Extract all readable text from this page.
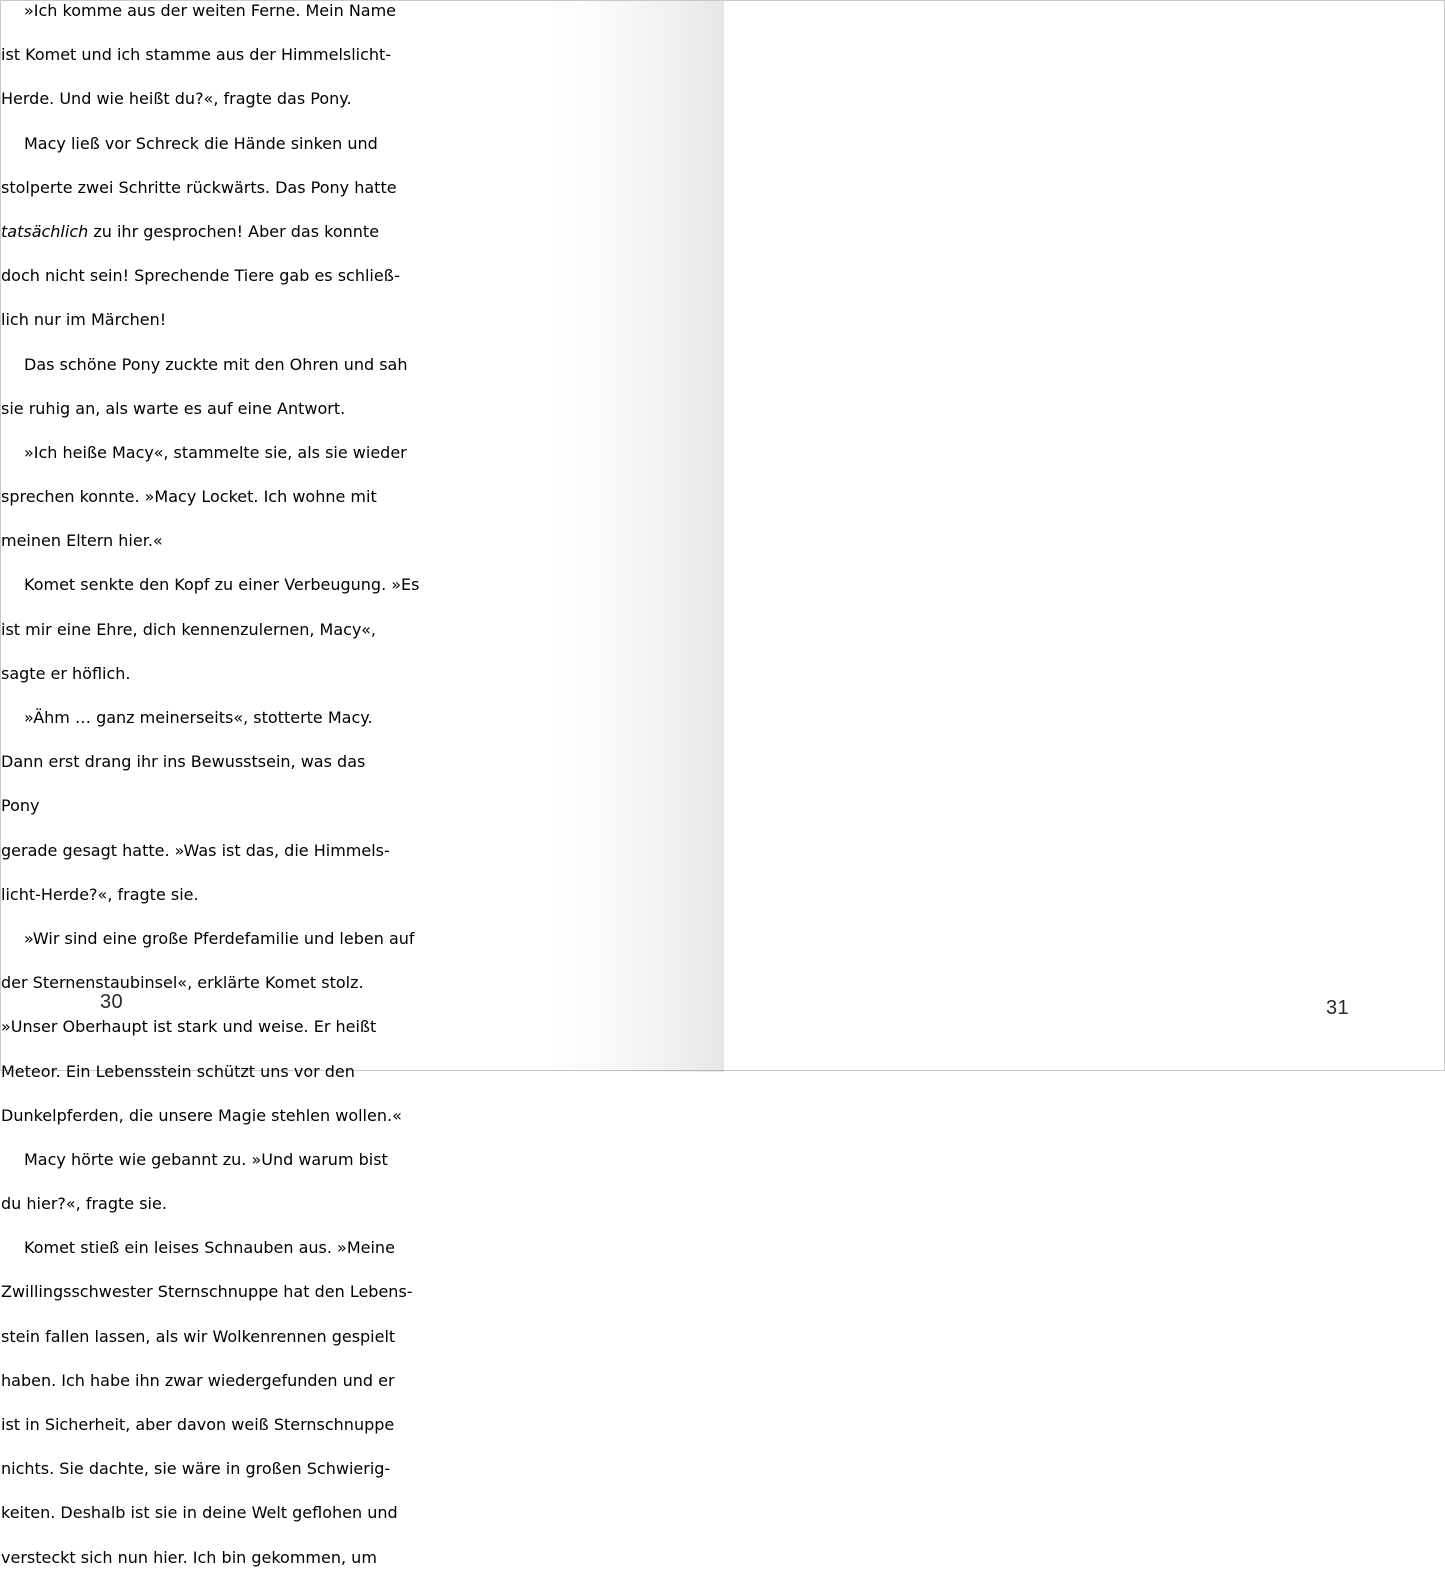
»Ich komme aus der weiten Ferne. Mein Name
ist Komet und ich stamme aus der Himmelslicht-
Herde. Und wie heißt du?«, fragte das Pony.
Macy ließ vor Schreck die Hände sinken und
stolperte zwei Schritte rückwärts. Das Pony hatte
tatsächlich zu ihr gesprochen! Aber das konnte
doch nicht sein! Sprechende Tiere gab es schließ-
lich nur im Märchen!
Das schöne Pony zuckte mit den Ohren und sah
sie ruhig an, als warte es auf eine Antwort.
»Ich heiße Macy«, stammelte sie, als sie wieder
sprechen konnte. »Macy Locket. Ich wohne mit
meinen Eltern hier.«
Komet senkte den Kopf zu einer Verbeugung. »Es
ist mir eine Ehre, dich kennenzulernen, Macy«,
sagte er höflich.
»Ähm … ganz meinerseits«, stotterte Macy.
Dann erst drang ihr ins Bewusstsein, was das
30
Pony
gerade gesagt hatte. »Was ist das, die Himmels-
licht-Herde?«, fragte sie.
»Wir sind eine große Pferdefamilie und leben auf
der Sternenstaubinsel«, erklärte Komet stolz.
»Unser Oberhaupt ist stark und weise. Er heißt
Meteor. Ein Lebensstein schützt uns vor den
Dunkelpferden, die unsere Magie stehlen wollen.«
Macy hörte wie gebannt zu. »Und warum bist
du hier?«, fragte sie.
Komet stieß ein leises Schnauben aus. »Meine
Zwillingsschwester Sternschnuppe hat den Lebens-
stein fallen lassen, als wir Wolkenrennen gespielt
haben. Ich habe ihn zwar wiedergefunden und er
ist in Sicherheit, aber davon weiß Sternschnuppe
nichts. Sie dachte, sie wäre in großen Schwierig-
keiten. Deshalb ist sie in deine Welt geflohen und
versteckt sich nun hier. Ich bin gekommen, um
31
